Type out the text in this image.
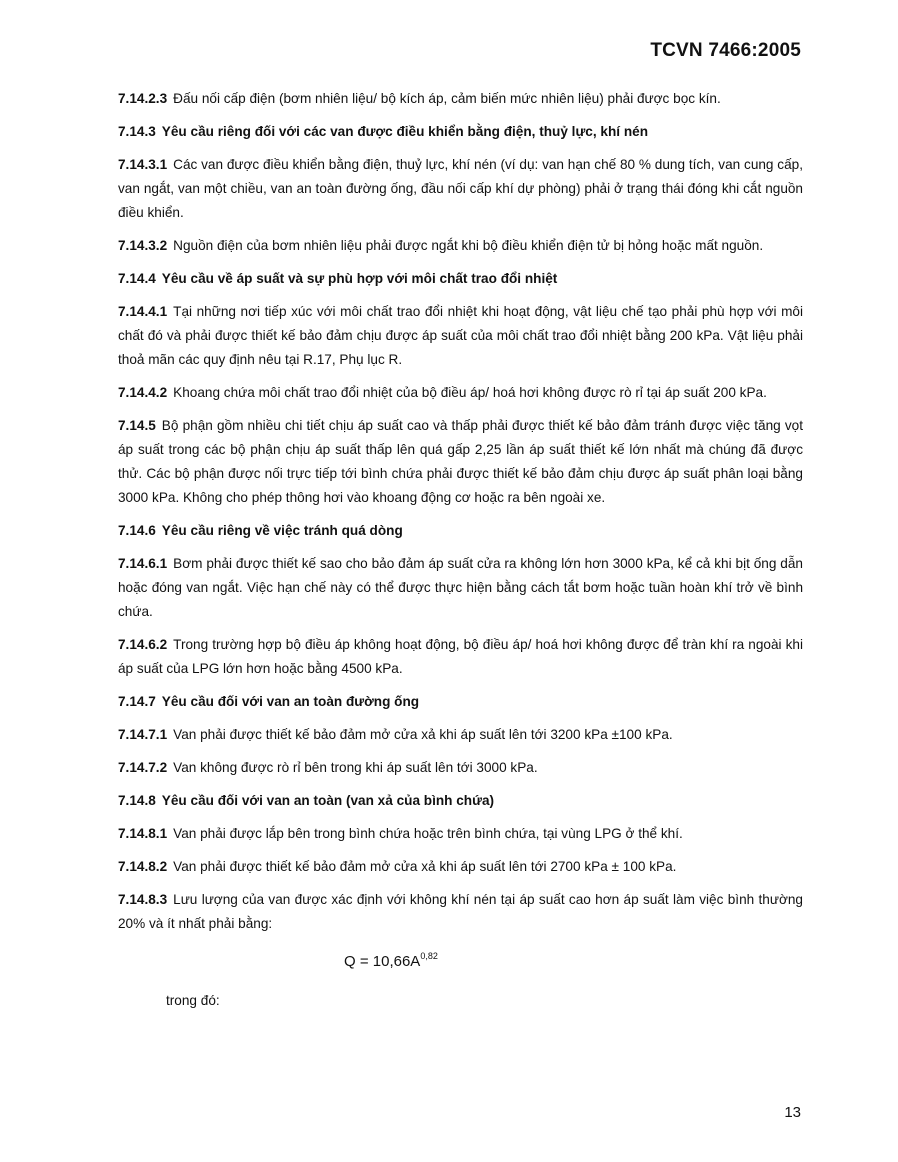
TCVN 7466:2005
7.14.2.3 Đấu nối cấp điện (bơm nhiên liệu/ bộ kích áp, cảm biến mức nhiên liệu) phải được bọc kín.
7.14.3 Yêu cầu riêng đối với các van được điều khiển bằng điện, thuỷ lực, khí nén
7.14.3.1 Các van được điều khiển bằng điện, thuỷ lực, khí nén (ví dụ: van hạn chế 80 % dung tích, van cung cấp, van ngắt, van một chiều, van an toàn đường ống, đầu nối cấp khí dự phòng) phải ở trạng thái đóng khi cắt nguồn điều khiển.
7.14.3.2 Nguồn điện của bơm nhiên liệu phải được ngắt khi bộ điều khiển điện tử bị hỏng hoặc mất nguồn.
7.14.4 Yêu cầu về áp suất và sự phù hợp với môi chất trao đổi nhiệt
7.14.4.1 Tại những nơi tiếp xúc với môi chất trao đổi nhiệt khi hoạt động, vật liệu chế tạo phải phù hợp với môi chất đó và phải được thiết kế bảo đảm chịu được áp suất của môi chất trao đổi nhiệt bằng 200 kPa. Vật liệu phải thoả mãn các quy định nêu tại R.17, Phụ lục R.
7.14.4.2 Khoang chứa môi chất trao đổi nhiệt của bộ điều áp/ hoá hơi không được rò rỉ tại áp suất 200 kPa.
7.14.5 Bộ phận gồm nhiều chi tiết chịu áp suất cao và thấp phải được thiết kế bảo đảm tránh được việc tăng vọt áp suất trong các bộ phận chịu áp suất thấp lên quá gấp 2,25 lần áp suất thiết kế lớn nhất mà chúng đã được thử. Các bộ phận được nối trực tiếp tới bình chứa phải được thiết kế bảo đảm chịu được áp suất phân loại bằng 3000 kPa. Không cho phép thông hơi vào khoang động cơ hoặc ra bên ngoài xe.
7.14.6 Yêu cầu riêng về việc tránh quá dòng
7.14.6.1 Bơm phải được thiết kế sao cho bảo đảm áp suất cửa ra không lớn hơn 3000 kPa, kể cả khi bịt ống dẫn hoặc đóng van ngắt. Việc hạn chế này có thể được thực hiện bằng cách tắt bơm hoặc tuần hoàn khí trở về bình chứa.
7.14.6.2 Trong trường hợp bộ điều áp không hoạt động, bộ điều áp/ hoá hơi không được để tràn khí ra ngoài khi áp suất của LPG lớn hơn hoặc bằng 4500 kPa.
7.14.7 Yêu cầu đối với van an toàn đường ống
7.14.7.1 Van phải được thiết kế bảo đảm mở cửa xả khi áp suất lên tới 3200 kPa ±100 kPa.
7.14.7.2 Van không được rò rỉ bên trong khi áp suất lên tới 3000 kPa.
7.14.8 Yêu cầu đối với van an toàn (van xả của bình chứa)
7.14.8.1 Van phải được lắp bên trong bình chứa hoặc trên bình chứa, tại vùng LPG ở thể khí.
7.14.8.2 Van phải được thiết kế bảo đảm mở cửa xả khi áp suất lên tới 2700 kPa ± 100 kPa.
7.14.8.3 Lưu lượng của van được xác định với không khí nén tại áp suất cao hơn áp suất làm việc bình thường 20% và ít nhất phải bằng:
$Q = 10,66A^{0,82}$
trong đó:
13
